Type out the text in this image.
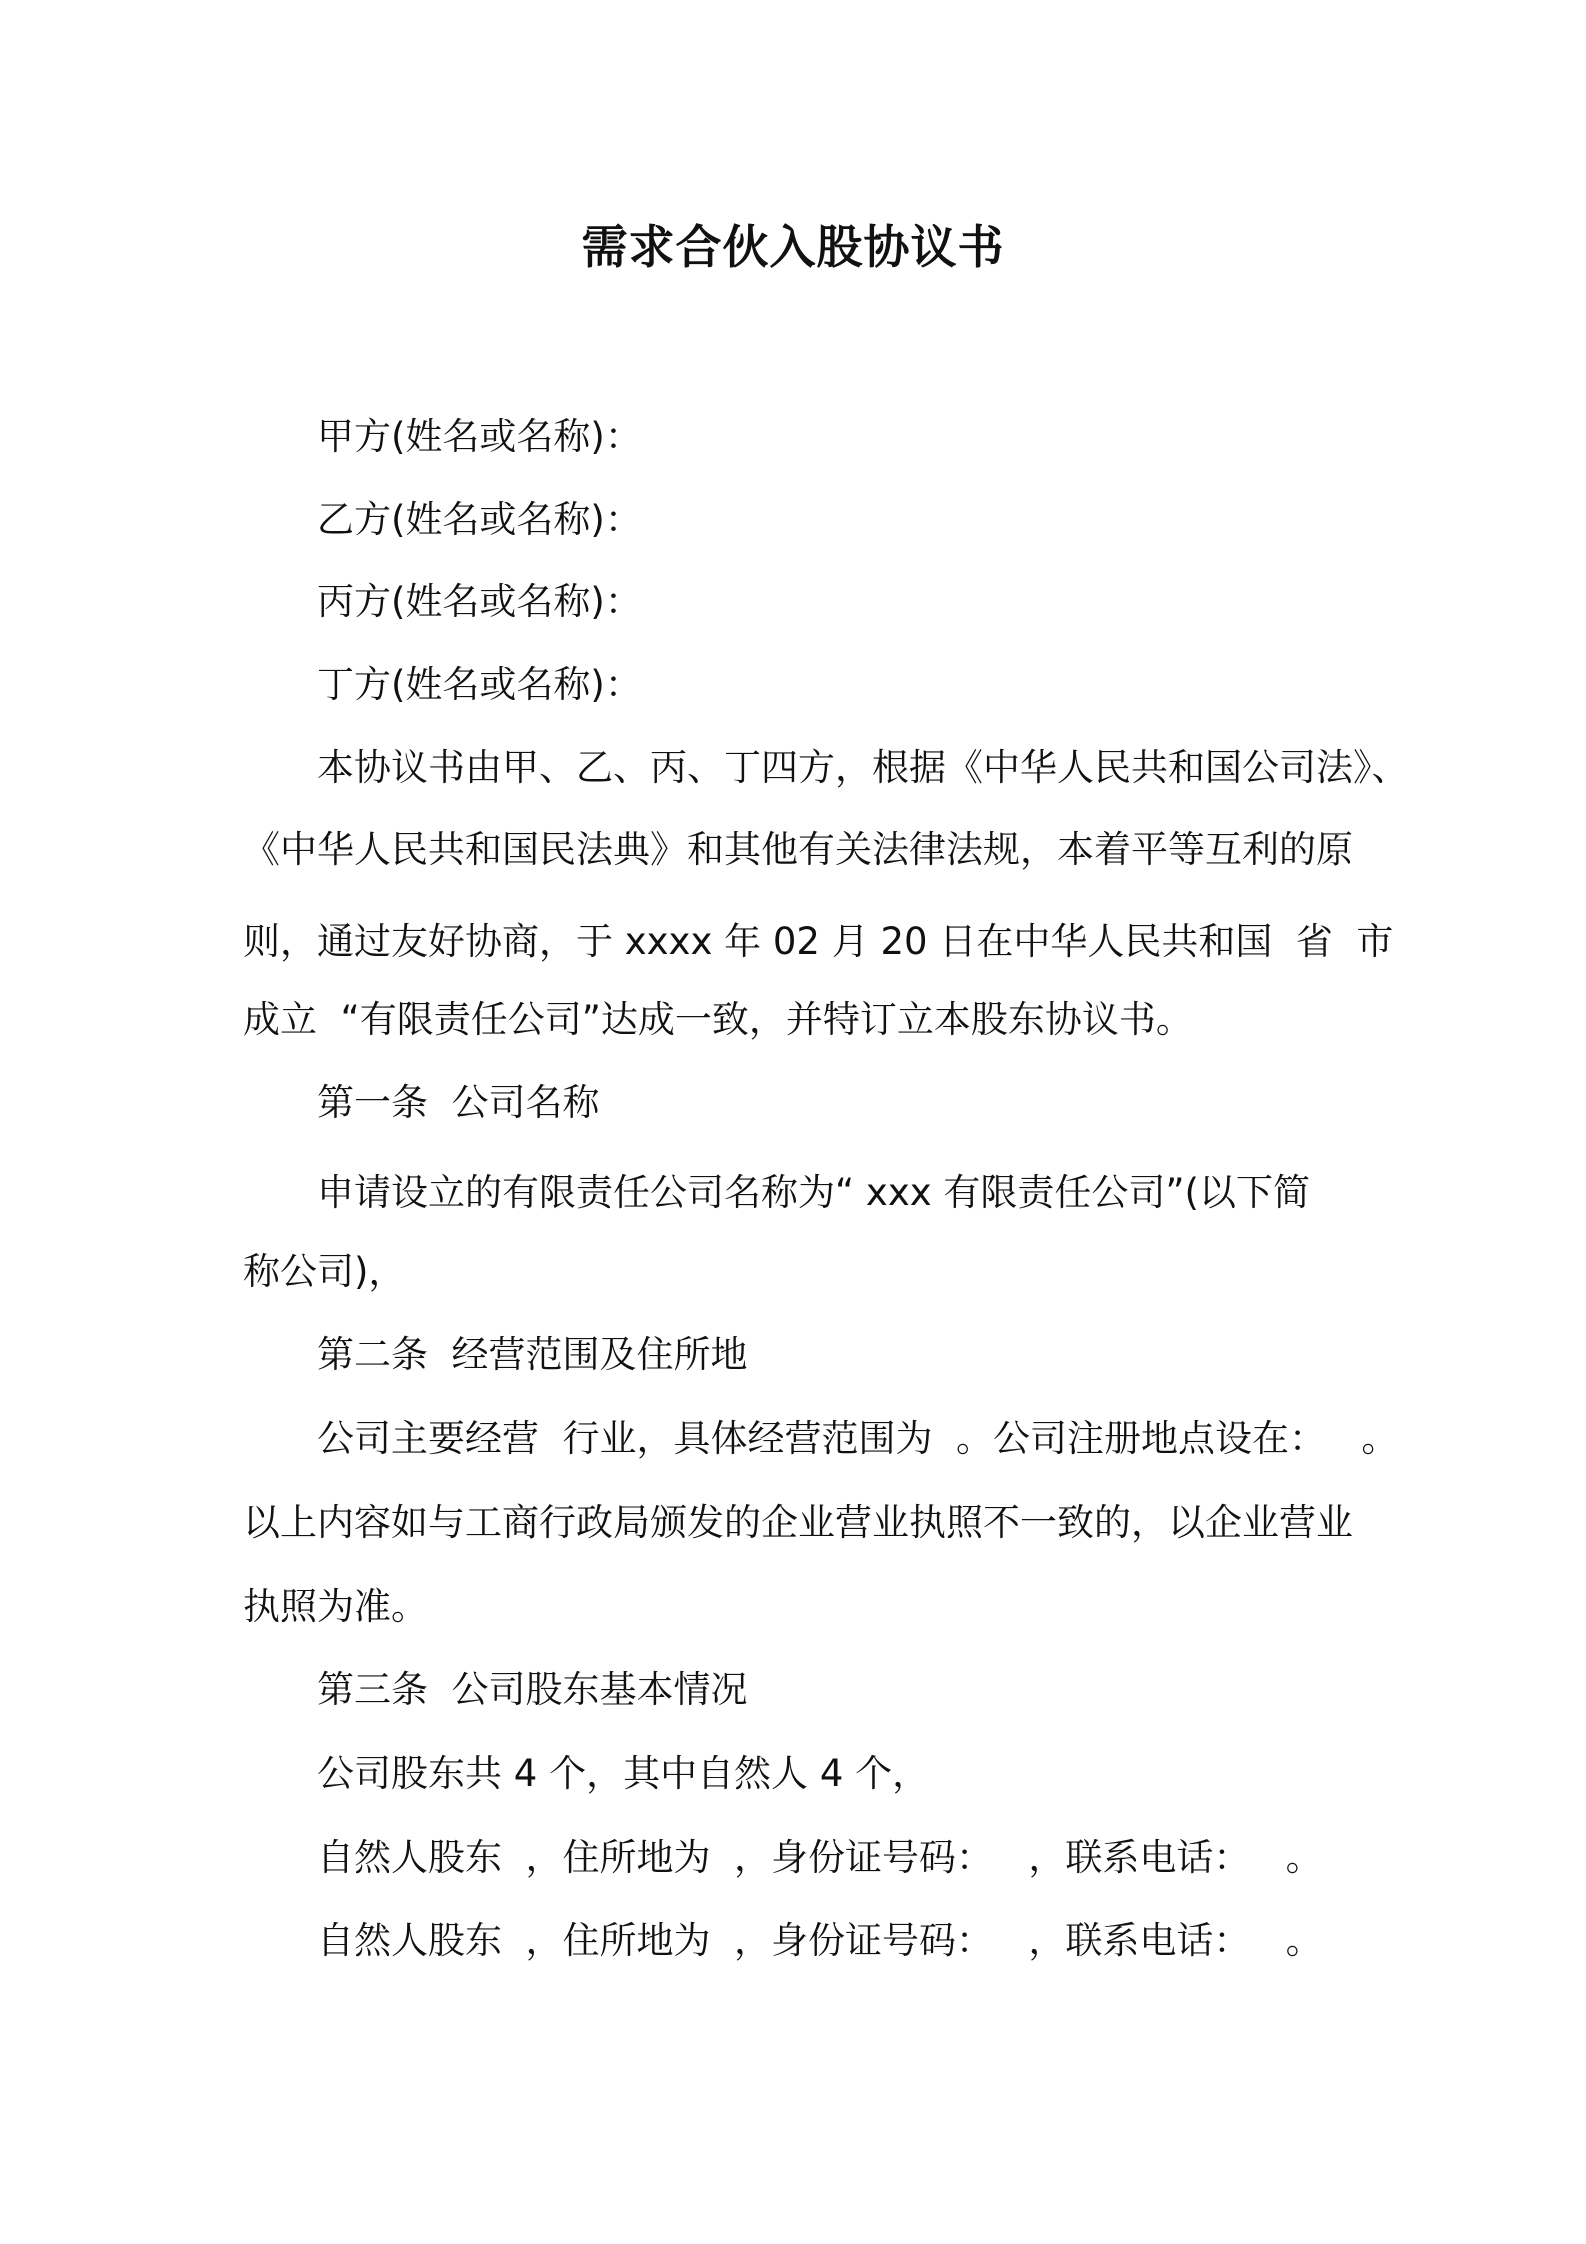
需求合伙入股协议书
甲方(姓名或名称)：
乙方(姓名或名称)：
丙方(姓名或名称)：
丁方(姓名或名称)：
本协议书由甲、乙、丙、丁四方，根据《中华人民共和国公司法》、
《中华人民共和国民法典》和其他有关法律法规，本着平等互利的原
则，通过友好协商，于 xxxx 年 02 月 20 日在中华人民共和国  省  市
成立  “有限责任公司”达成一致，并特订立本股东协议书。
第一条  公司名称
申请设立的有限责任公司名称为“ xxx 有限责任公司”(以下简
称公司)，
第二条  经营范围及住所地
公司主要经营  行业，具体经营范围为  。公司注册地点设在：   。
以上内容如与工商行政局颁发的企业营业执照不一致的，以企业营业
执照为准。
第三条  公司股东基本情况
公司股东共 4 个，其中自然人 4 个，
自然人股东  ，住所地为  ，身份证号码：   ，联系电话：   。
自然人股东  ，住所地为  ，身份证号码：   ，联系电话：   。
